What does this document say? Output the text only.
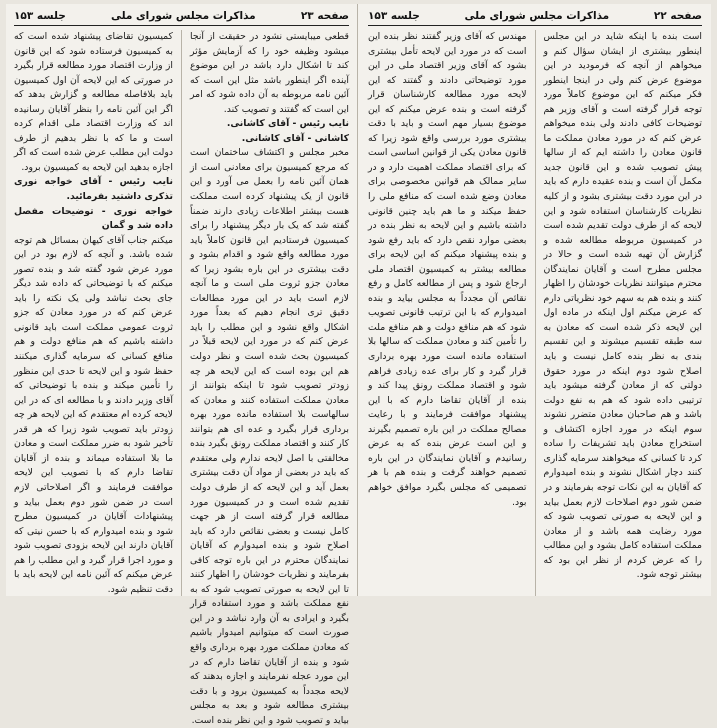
صفحه ۲۳
مذاکرات مجلس شورای ملی
جلسه ۱۵۳

قطعی میبایستی نشود در حقیقت از آنجا میشود وظیفه خود را که آزمایش مؤثر کند تا اشکال دارد باشد در این موضوع آینده اگر اینطور باشد مثل این است که آئین نامه مربوطه به آن داده شود که امر این است که گفتند و تصویب کند.

نایب رئیس - آقای کاشانی.

کاشانی - آقای کاشانی.

مخبر مجلس و اکتشاف ساختمان است که مرجع کمیسیون برای معادنی است از همان آئین نامه را بعمل می آورد و این قانون از یک پیشنهاد کرده است مملکت هست بیشتر اطلاعات زیادی دارند ضمناً گفته شد که یک بار دیگر پیشنهاد را برای کمیسیون فرستادیم این قانون کاملاً باید مورد مطالعه واقع شود و اقدام بشود و دقت بیشتری در این باره بشود زیرا که معادن جزو ثروت ملی است و ما آنچه لازم است باید در این مورد مطالعات دقیق تری انجام دهیم که بعداً مورد اشکال واقع نشود و این مطلب را باید عرض کنم که در مورد این لایحه قبلاً در کمیسیون بحث شده است و نظر دولت هم این بوده است که این لایحه هر چه زودتر تصویب شود تا اینکه بتوانند از معادن مملکت استفاده کنند و معادن که سالهاست بلا استفاده مانده مورد بهره برداری قرار بگیرد و عده ای هم بتوانند کار کنند و اقتصاد مملکت رونق بگیرد بنده مخالفتی با اصل لایحه ندارم ولی معتقدم که باید در بعضی از مواد آن دقت بیشتری بعمل آید و این لایحه که از طرف دولت تقدیم شده است و در کمیسیون مورد مطالعه قرار گرفته است از هر جهت کامل نیست و بعضی نقائص دارد که باید اصلاح شود و بنده امیدوارم که آقایان نمایندگان محترم در این باره توجه کافی بفرمایند و نظریات خودشان را اظهار کنند تا این لایحه به صورتی تصویب شود که به نفع مملکت باشد و مورد استفاده قرار بگیرد و ایرادی به آن وارد نباشد و در این صورت است که میتوانیم امیدوار باشیم که معادن مملکت مورد بهره برداری واقع شود و بنده از آقایان تقاضا دارم که در این مورد عجله نفرمایند و اجازه بدهند که لایحه مجدداً به کمیسیون برود و با دقت بیشتری مطالعه شود و بعد به مجلس بیاید و تصویب شود و این نظر بنده است.

کمیسیون تقاضای پیشنهاد شده است که به کمیسیون فرستاده شود که این قانون از وزارت اقتصاد مورد مطالعه قرار بگیرد در صورتی که این لایحه آن اول کمیسیون باید بلافاصله مطالعه و گزارش بدهد که اگر این آئین نامه را بنظر آقایان رسانیده اند که وزارت اقتصاد ملی اقدام کرده است و ما که با نظر بدهیم از طرف دولت این مطلب عرض شده است که اگر اجازه بدهید این لایحه به کمیسیون برود.

نایب رئیس - آقای خواجه نوری تذکری داشتید بفرمائید.

خواجه نوری - توضیحات مفصل داده شد و گمان

میکنم جناب آقای کیهان بمسائل هم توجه شده باشد. و آنچه که لازم بود در این مورد عرض شود گفته شد و بنده تصور میکنم که با توضیحاتی که داده شد دیگر جای بحث نباشد ولی یک نکته را باید عرض کنم که در مورد معادن که جزو ثروت عمومی مملکت است باید قانونی داشته باشیم که هم منافع دولت و هم منافع کسانی که سرمایه گذاری میکنند حفظ شود و این لایحه تا حدی این منظور را تأمین میکند و بنده با توضیحاتی که آقای وزیر دادند و با مطالعه ای که در این لایحه کرده ام معتقدم که این لایحه هر چه زودتر باید تصویب شود زیرا که هر قدر تأخیر شود به ضرر مملکت است و معادن ما بلا استفاده میماند و بنده از آقایان تقاضا دارم که با تصویب این لایحه موافقت فرمایند و اگر اصلاحاتی لازم است در ضمن شور دوم بعمل بیاید و پیشنهادات آقایان در کمیسیون مطرح شود و بنده امیدوارم که با حسن نیتی که آقایان دارند این لایحه بزودی تصویب شود و مورد اجرا قرار گیرد و این مطلب را هم عرض میکنم که آئین نامه این لایحه باید با دقت تنظیم شود.

صفحه ۲۲
مذاکرات مجلس شورای ملی
جلسه ۱۵۳

است بنده با اینکه شاید در این مجلس اینطور بیشتری از ایشان سؤال کنم و میخواهم از آنچه که فرمودید در این موضوع عرض کنم ولی در اینجا اینطور فکر میکنم که این موضوع کاملاً مورد توجه قرار گرفته است و آقای وزیر هم توضیحات کافی دادند ولی بنده میخواهم عرض کنم که در مورد معادن مملکت ما قانون معادن را داشته ایم که از سالها پیش تصویب شده و این قانون جدید مکمل آن است و بنده عقیده دارم که باید در این مورد دقت بیشتری بشود و از کلیه نظریات کارشناسان استفاده شود و این لایحه که از طرف دولت تقدیم شده است در کمیسیون مربوطه مطالعه شده و گزارش آن تهیه شده است و حالا در مجلس مطرح است و آقایان نمایندگان محترم میتوانند نظریات خودشان را اظهار کنند و بنده هم به سهم خود نظریاتی دارم که عرض میکنم اول اینکه در ماده اول این لایحه ذکر شده است که معادن به سه طبقه تقسیم میشوند و این تقسیم بندی به نظر بنده کامل نیست و باید اصلاح شود دوم اینکه در مورد حقوق دولتی که از معادن گرفته میشود باید ترتیبی داده شود که هم به نفع دولت باشد و هم صاحبان معادن متضرر نشوند سوم اینکه در مورد اجازه اکتشاف و استخراج معادن باید تشریفات را ساده کرد تا کسانی که میخواهند سرمایه گذاری کنند دچار اشکال نشوند و بنده امیدوارم که آقایان به این نکات توجه بفرمایند و در ضمن شور دوم اصلاحات لازم بعمل بیاید و این لایحه به صورتی تصویب شود که مورد رضایت همه باشد و از معادن مملکت استفاده کامل بشود و این مطالب را که عرض کردم از نظر این بود که بیشتر توجه شود.

مهندس که آقای وزیر گفتند نظر بنده این است که در مورد این لایحه تأمل بیشتری بشود که آقای وزیر اقتصاد ملی در این مورد توضیحاتی دادند و گفتند که این لایحه مورد مطالعه کارشناسان قرار گرفته است و بنده عرض میکنم که این موضوع بسیار مهم است و باید با دقت بیشتری مورد بررسی واقع شود زیرا که قانون معادن یکی از قوانین اساسی است که برای اقتصاد مملکت اهمیت دارد و در سایر ممالک هم قوانین مخصوصی برای معادن وضع شده است که منافع ملی را حفظ میکند و ما هم باید چنین قانونی داشته باشیم و این لایحه به نظر بنده در بعضی موارد نقص دارد که باید رفع شود و بنده پیشنهاد میکنم که این لایحه برای مطالعه بیشتر به کمیسیون اقتصاد ملی ارجاع شود و پس از مطالعه کامل و رفع نقائص آن مجدداً به مجلس بیاید و بنده امیدوارم که با این ترتیب قانونی تصویب شود که هم منافع دولت و هم منافع ملت را تأمین کند و معادن مملکت که سالها بلا استفاده مانده است مورد بهره برداری قرار گیرد و کار برای عده زیادی فراهم شود و اقتصاد مملکت رونق پیدا کند و بنده از آقایان تقاضا دارم که با این پیشنهاد موافقت فرمایند و با رعایت مصالح مملکت در این باره تصمیم بگیرند و این است عرض بنده که به عرض رسانیدم و آقایان نمایندگان در این باره تصمیم خواهند گرفت و بنده هم با هر تصمیمی که مجلس بگیرد موافق خواهم بود.
